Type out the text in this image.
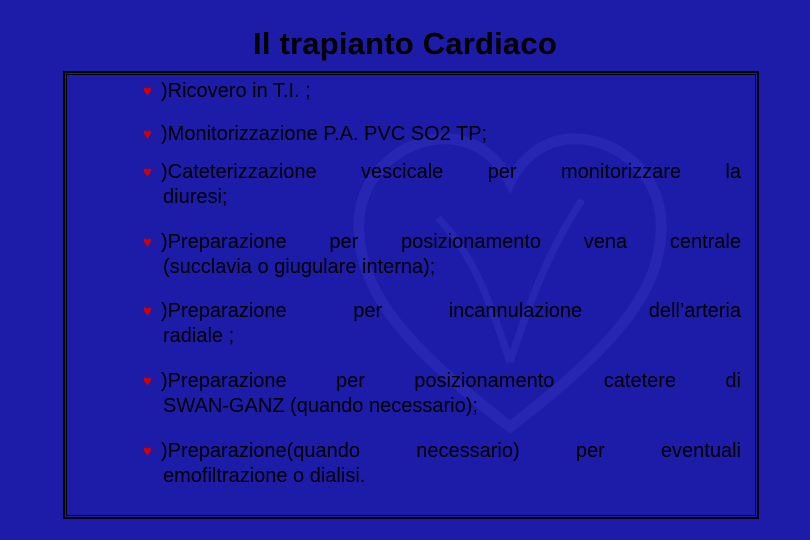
Il trapianto Cardiaco
♥ )Ricovero in T.I. ;
♥ )Monitorizzazione P.A. PVC SO2 TP;
♥ )Cateterizzazione vescicale per monitorizzare la
diuresi;
♥ )Preparazione per posizionamento vena centrale
(succlavia o giugulare interna);
♥ )Preparazione per incannulazione dell’arteria
radiale ;
♥ )Preparazione per posizionamento catetere di
SWAN-GANZ (quando necessario);
♥ )Preparazione(quando necessario) per eventuali
emofiltrazione o dialisi.
